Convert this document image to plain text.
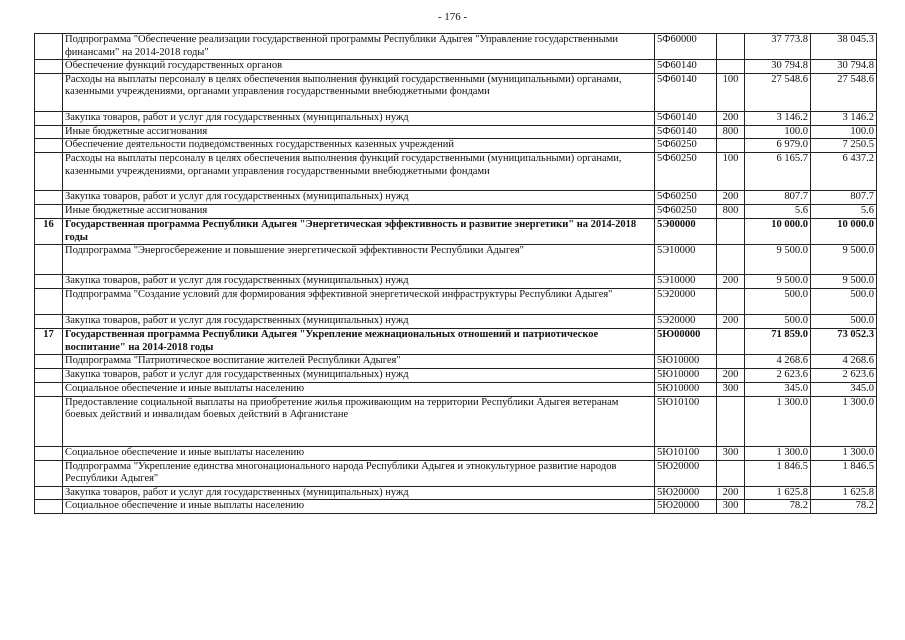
- 176 -
	Подпрограмма "Обеспечение реализации государственной программы Республики Адыгея "Управление государственными финансами" на 2014-2018 годы"	5Ф60000		37 773.8	38 045.3
	Обеспечение функций государственных органов	5Ф60140		30 794.8	30 794.8
	Расходы на выплаты персоналу в целях обеспечения выполнения функций государственными (муниципальными) органами, казенными учреждениями, органами управления государственными внебюджетными фондами	5Ф60140	100	27 548.6	27 548.6
	Закупка товаров, работ и услуг для государственных (муниципальных) нужд	5Ф60140	200	3 146.2	3 146.2
	Иные бюджетные ассигнования	5Ф60140	800	100.0	100.0
	Обеспечение деятельности подведомственных государственных казенных учреждений	5Ф60250		6 979.0	7 250.5
	Расходы на выплаты персоналу в целях обеспечения выполнения функций государственными (муниципальными) органами, казенными учреждениями, органами управления государственными внебюджетными фондами	5Ф60250	100	6 165.7	6 437.2
	Закупка товаров, работ и услуг для государственных (муниципальных) нужд	5Ф60250	200	807.7	807.7
	Иные бюджетные ассигнования	5Ф60250	800	5.6	5.6
16	Государственная программа Республики Адыгея "Энергетическая эффективность и развитие энергетики" на 2014-2018 годы	5Э00000		10 000.0	10 000.0
	Подпрограмма "Энергосбережение и повышение энергетической эффективности Республики Адыгея"	5Э10000		9 500.0	9 500.0
	Закупка товаров, работ и услуг для государственных (муниципальных) нужд	5Э10000	200	9 500.0	9 500.0
	Подпрограмма "Создание условий для формирования эффективной энергетической инфраструктуры Республики Адыгея"	5Э20000		500.0	500.0
	Закупка товаров, работ и услуг для государственных (муниципальных) нужд	5Э20000	200	500.0	500.0
17	Государственная программа Республики Адыгея "Укрепление межнациональных отношений и патриотическое воспитание" на 2014-2018 годы	5Ю00000		71 859.0	73 052.3
	Подпрограмма "Патриотическое воспитание жителей Республики Адыгея"	5Ю10000		4 268.6	4 268.6
	Закупка товаров, работ и услуг для государственных (муниципальных) нужд	5Ю10000	200	2 623.6	2 623.6
	Социальное обеспечение и иные выплаты населению	5Ю10000	300	345.0	345.0
	Предоставление социальной выплаты на приобретение жилья проживающим на территории Республики Адыгея ветеранам боевых действий и инвалидам боевых действий в Афганистане	5Ю10100		1 300.0	1 300.0
	Социальное обеспечение и иные выплаты населению	5Ю10100	300	1 300.0	1 300.0
	Подпрограмма "Укрепление единства многонационального народа Республики Адыгея и этнокультурное развитие народов Республики Адыгея"	5Ю20000		1 846.5	1 846.5
	Закупка товаров, работ и услуг для государственных (муниципальных) нужд	5Ю20000	200	1 625.8	1 625.8
	Социальное обеспечение и иные выплаты населению	5Ю20000	300	78.2	78.2
